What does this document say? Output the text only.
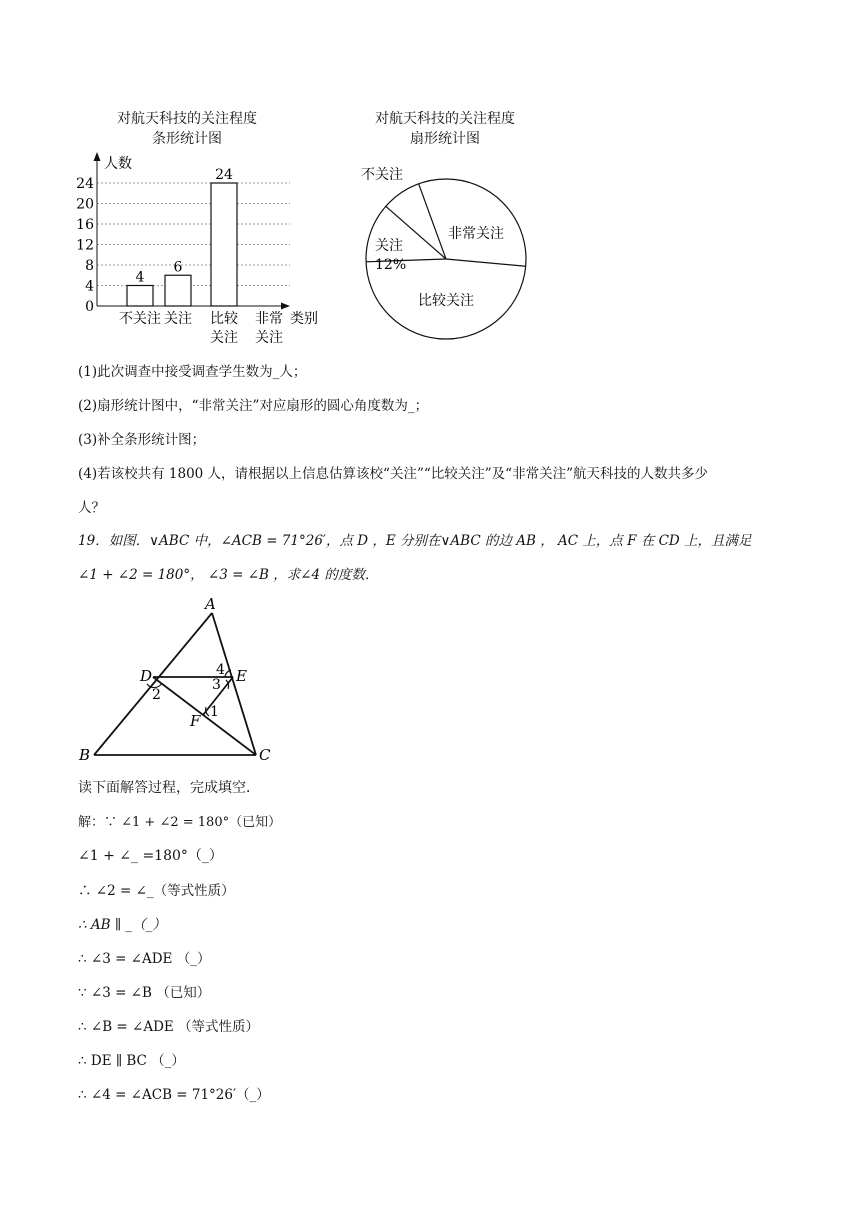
对航天科技的关注程度
条形统计图
对航天科技的关注程度
扇形统计图
人数
类别
0
4
8
12
16
20
24
4
6
24
不关注 关注 比较
关注
非常
关注
不关注
非常关注
关注
12%
比较关注
(1)此次调查中接受调查学生数为_人；
(2)扇形统计图中，“非常关注”对应扇形的圆心角度数为_；
(3)补全条形统计图；
(4)若该校共有 1800 人，请根据以上信息估算该校“关注”“比较关注”及“非常关注”航天科技的人数共多少
人？
19．如图．∨ABC 中，∠ACB = 71°26′，点 D ，E 分别在∨ABC 的边 AB ， AC 上，点 F 在 CD 上，且满足
∠1 + ∠2 = 180°， ∠3 = ∠B ，求∠4 的度数．
A
D	E
F
B	C
4
3
2
1
读下面解答过程，完成填空．
解：∵ ∠1 + ∠2 = 180°（已知）
∠1 + ∠_ =180°（_）
∴ ∠2 = ∠_（等式性质）
∴ AB ∥ _（_）
∴ ∠3 = ∠ADE （_）
∵ ∠3 = ∠B （已知）
∴ ∠B = ∠ADE （等式性质）
∴ DE ∥ BC （_）
∴ ∠4 = ∠ACB = 71°26′（_）
